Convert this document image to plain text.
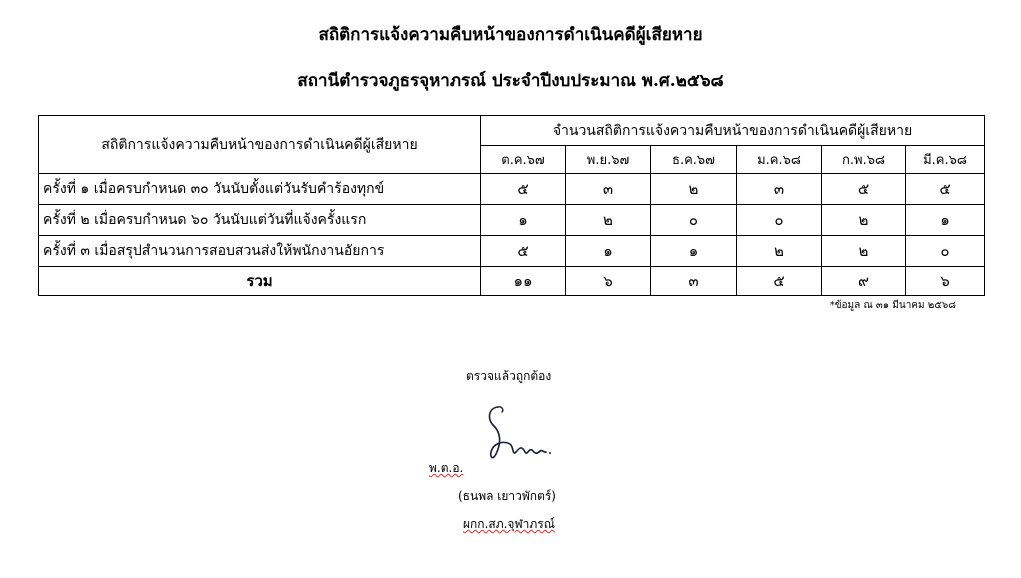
สถิติการแจ้งความคืบหน้าของการดำเนินคดีผู้เสียหาย
สถานีตำรวจภูธรจุหาภรณ์ ประจำปีงบประมาณ พ.ศ.๒๕๖๘
สถิติการแจ้งความคืบหน้าของการดำเนินคดีผู้เสียหาย	จำนวนสถิติการแจ้งความคืบหน้าของการดำเนินคดีผู้เสียหาย					
	ต.ค.๖๗	พ.ย.๖๗	ธ.ค.๖๗	ม.ค.๖๘	ก.พ.๖๘	มี.ค.๖๘
ครั้งที่ ๑ เมื่อครบกำหนด ๓๐ วันนับตั้งแต่วันรับคำร้องทุกข์	๕	๓	๒	๓	๕	๕
ครั้งที่ ๒ เมื่อครบกำหนด ๖๐ วันนับแต่วันที่แจ้งครั้งแรก	๑	๒	๐	๐	๒	๑
ครั้งที่ ๓ เมื่อสรุปสำนวนการสอบสวนส่งให้พนักงานอัยการ	๕	๑	๑	๒	๒	๐
รวม	๑๑	๖	๓	๕	๙	๖
*ข้อมูล ณ ๓๑ มีนาคม ๒๕๖๘
ตรวจแล้วถูกต้อง
พ.ต.อ.
(ธนพล เยาวพักตร์)
ผกก.สภ.จุฬาภรณ์
